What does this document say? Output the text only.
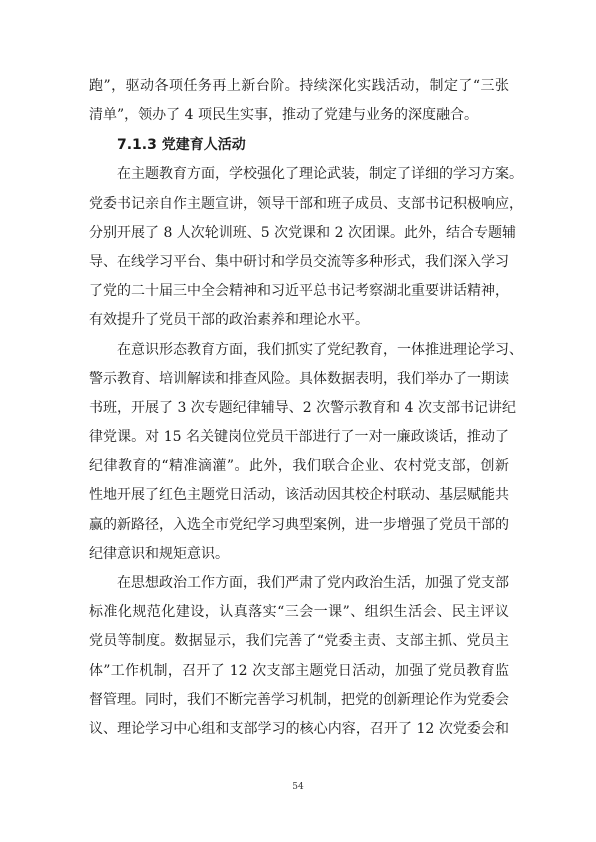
跑”，驱动各项任务再上新台阶。持续深化实践活动，制定了“三张
清单”，领办了 4 项民生实事，推动了党建与业务的深度融合。
7.1.3 党建育人活动
在主题教育方面，学校强化了理论武装，制定了详细的学习方案。
党委书记亲自作主题宣讲，领导干部和班子成员、支部书记积极响应，
分别开展了 8 人次轮训班、5 次党课和 2 次团课。此外，结合专题辅
导、在线学习平台、集中研讨和学员交流等多种形式，我们深入学习
了党的二十届三中全会精神和习近平总书记考察湖北重要讲话精神，
有效提升了党员干部的政治素养和理论水平。
在意识形态教育方面，我们抓实了党纪教育，一体推进理论学习、
警示教育、培训解读和排查风险。具体数据表明，我们举办了一期读
书班，开展了 3 次专题纪律辅导、2 次警示教育和 4 次支部书记讲纪
律党课。对 15 名关键岗位党员干部进行了一对一廉政谈话，推动了
纪律教育的“精准滴灌”。此外，我们联合企业、农村党支部，创新
性地开展了红色主题党日活动，该活动因其校企村联动、基层赋能共
赢的新路径，入选全市党纪学习典型案例，进一步增强了党员干部的
纪律意识和规矩意识。
在思想政治工作方面，我们严肃了党内政治生活，加强了党支部
标准化规范化建设，认真落实“三会一课”、组织生活会、民主评议
党员等制度。数据显示，我们完善了“党委主责、支部主抓、党员主
体”工作机制，召开了 12 次支部主题党日活动，加强了党员教育监
督管理。同时，我们不断完善学习机制，把党的创新理论作为党委会
议、理论学习中心组和支部学习的核心内容，召开了 12 次党委会和
54
